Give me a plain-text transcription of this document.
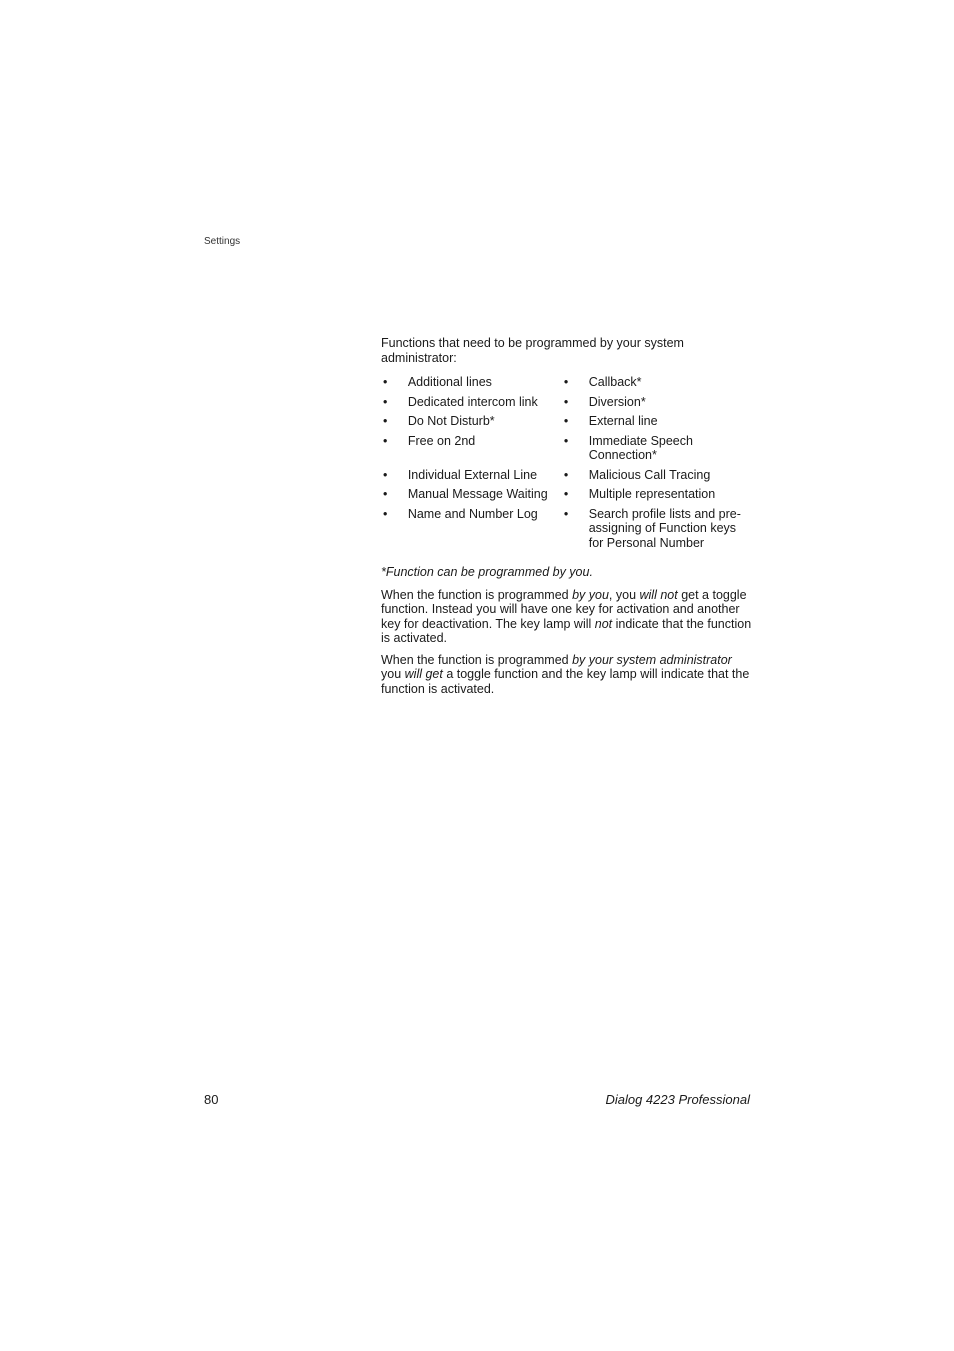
Settings

Functions that need to be programmed by your system administrator:

•	Additional lines	•	Callback*
•	Dedicated intercom link	•	Diversion*
•	Do Not Disturb*	•	External line
•	Free on 2nd	•	Immediate Speech Connection*
•	Individual External Line	•	Malicious Call Tracing
•	Manual Message Waiting	•	Multiple representation
•	Name and Number Log	•	Search profile lists and pre-assigning of Function keys for Personal Number

*Function can be programmed by you.

When the function is programmed by you, you will not get a toggle function. Instead you will have one key for activation and another key for deactivation. The key lamp will not indicate that the function is activated.

When the function is programmed by your system administrator you will get a toggle function and the key lamp will indicate that the function is activated.

80	Dialog 4223 Professional
